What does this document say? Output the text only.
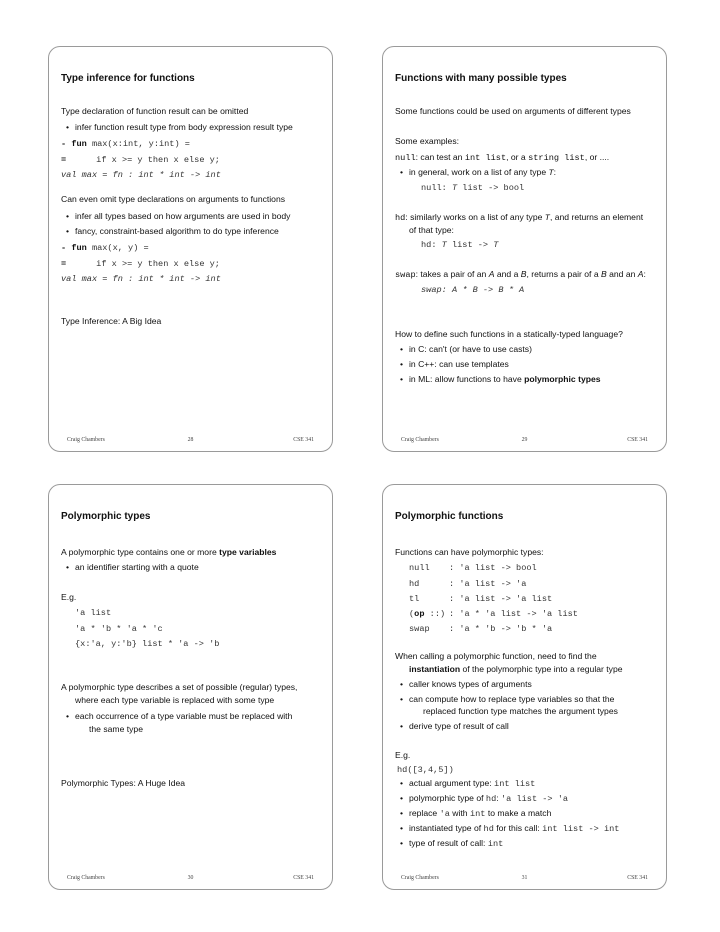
Type inference for functions
Type declaration of function result can be omitted
• infer function result type from body expression result type
- fun max(x:int, y:int) =
=	if x >= y then x else y;
val max = fn : int * int -> int
Can even omit type declarations on arguments to functions
• infer all types based on how arguments are used in body
• fancy, constraint-based algorithm to do type inference
- fun max(x, y) =
=	if x >= y then x else y;
val max = fn : int * int -> int
Type Inference: A Big Idea
Craig Chambers	28	CSE 341
Functions with many possible types
Some functions could be used on arguments of different types
Some examples:
null: can test an int list, or a string list, or ....
• in general, work on a list of any type T:
null: T list -> bool
hd: similarly works on a list of any type T, and returns an element
of that type:
hd: T list -> T
swap: takes a pair of an A and a B, returns a pair of a B and an A:
swap: A * B -> B * A
How to define such functions in a statically-typed language?
• in C: can't (or have to use casts)
• in C++: can use templates
• in ML: allow functions to have polymorphic types
Craig Chambers	29	CSE 341
Polymorphic types
A polymorphic type contains one or more type variables
• an identifier starting with a quote
E.g.
'a list
'a * 'b * 'a * 'c
{x:'a, y:'b} list * 'a -> 'b
A polymorphic type describes a set of possible (regular) types,
where each type variable is replaced with some type
• each occurrence of a type variable must be replaced with
the same type
Polymorphic Types: A Huge Idea
Craig Chambers	30	CSE 341
Polymorphic functions
Functions can have polymorphic types:
null : 'a list -> bool
hd	: 'a list -> 'a
tl	: 'a list -> 'a list
(op ::) : 'a * 'a list -> 'a list
swap : 'a * 'b -> 'b * 'a
When calling a polymorphic function, need to find the
instantiation of the polymorphic type into a regular type
• caller knows types of arguments
• can compute how to replace type variables so that the
replaced function type matches the argument types
• derive type of result of call
E.g.
hd([3,4,5])
• actual argument type: int list
• polymorphic type of hd: 'a list -> 'a
• replace 'a with int to make a match
• instantiated type of hd for this call: int list -> int
• type of result of call: int
Craig Chambers	31	CSE 341
